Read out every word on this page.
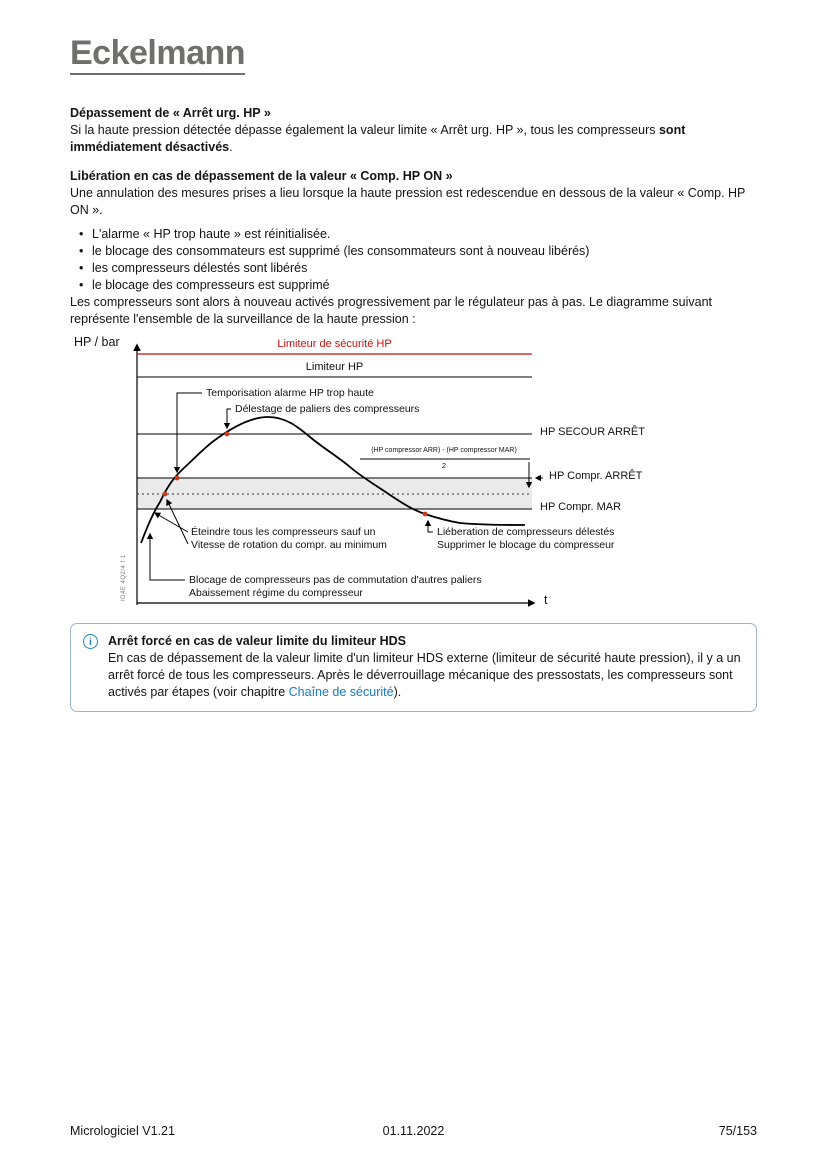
Eckelmann
Dépassement de « Arrêt urg. HP »

Si la haute pression détectée dépasse également la valeur limite « Arrêt urg. HP », tous les compresseurs sont immédiatement désactivés.

Libération en cas de dépassement de la valeur « Comp. HP ON »

Une annulation des mesures prises a lieu lorsque la haute pression est redescendue en dessous de la valeur « Comp. HP ON ».

• L'alarme « HP trop haute » est réinitialisée.
• le blocage des consommateurs est supprimé (les consommateurs sont à nouveau libérés)
• les compresseurs délestés sont libérés
• le blocage des compresseurs est supprimé

Les compresseurs sont alors à nouveau activés progressivement par le régulateur pas à pas. Le diagramme suivant représente l'ensemble de la surveillance de la haute pression :

HP / bar
t
Limiteur de sécurité HP
Limiteur HP
HP SECOUR ARRÊT
HP Compr. ARRÊT
HP Compr. MAR
(HP compressor ARR) - (HP compressor MAR)
2
Temporisation alarme HP trop haute
Délestage de paliers des compresseurs
Éteindre tous les compresseurs sauf un
Vitesse de rotation du compr. au minimum
Liéberation de compresseurs délestés
Supprimer le blocage du compresseur
Blocage de compresseurs pas de commutation d'autres paliers
Abaissement régime du compresseur
ID4E 4Q2/4 f 1
i	Arrêt forcé en cas de valeur limite du limiteur HDS

En cas de dépassement de la valeur limite d'un limiteur HDS externe (limiteur de sécurité haute pression), il y a un arrêt forcé de tous les compresseurs. Après le déverrouillage mécanique des pressostats, les compresseurs sont activés par étapes (voir chapitre Chaîne de sécurité).

Micrologiciel V1.21	01.11.2022	75/153
